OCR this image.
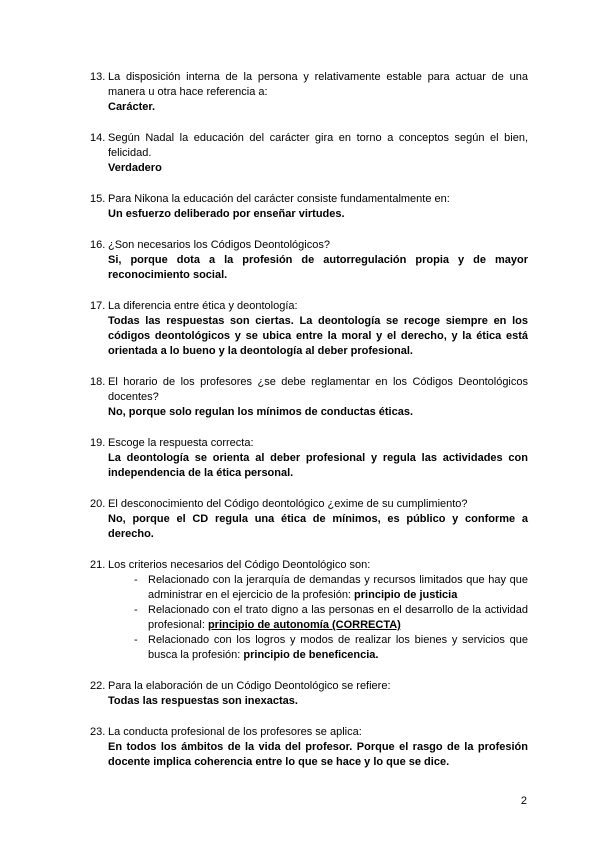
13. La disposición interna de la persona y relativamente estable para actuar de una manera u otra hace referencia a:
Carácter.
14. Según Nadal la educación del carácter gira en torno a conceptos según el bien, felicidad.
Verdadero
15. Para Nikona la educación del carácter consiste fundamentalmente en:
Un esfuerzo deliberado por enseñar virtudes.
16. ¿Son necesarios los Códigos Deontológicos?
Si, porque dota a la profesión de autorregulación propia y de mayor reconocimiento social.
17. La diferencia entre ética y deontología:
Todas las respuestas son ciertas. La deontología se recoge siempre en los códigos deontológicos y se ubica entre la moral y el derecho, y la ética está orientada a lo bueno y la deontología al deber profesional.
18. El horario de los profesores ¿se debe reglamentar en los Códigos Deontológicos docentes?
No, porque solo regulan los mínimos de conductas éticas.
19. Escoge la respuesta correcta:
La deontología se orienta al deber profesional y regula las actividades con independencia de la ética personal.
20. El desconocimiento del Código deontológico ¿exime de su cumplimiento?
No, porque el CD regula una ética de mínimos, es público y conforme a derecho.
21. Los criterios necesarios del Código Deontológico son:
- Relacionado con la jerarquía de demandas y recursos limitados que hay que administrar en el ejercicio de la profesión: principio de justicia
- Relacionado con el trato digno a las personas en el desarrollo de la actividad profesional: principio de autonomía (CORRECTA)
- Relacionado con los logros y modos de realizar los bienes y servicios que busca la profesión: principio de beneficencia.
22. Para la elaboración de un Código Deontológico se refiere:
Todas las respuestas son inexactas.
23. La conducta profesional de los profesores se aplica:
En todos los ámbitos de la vida del profesor. Porque el rasgo de la profesión docente implica coherencia entre lo que se hace y lo que se dice.
2
